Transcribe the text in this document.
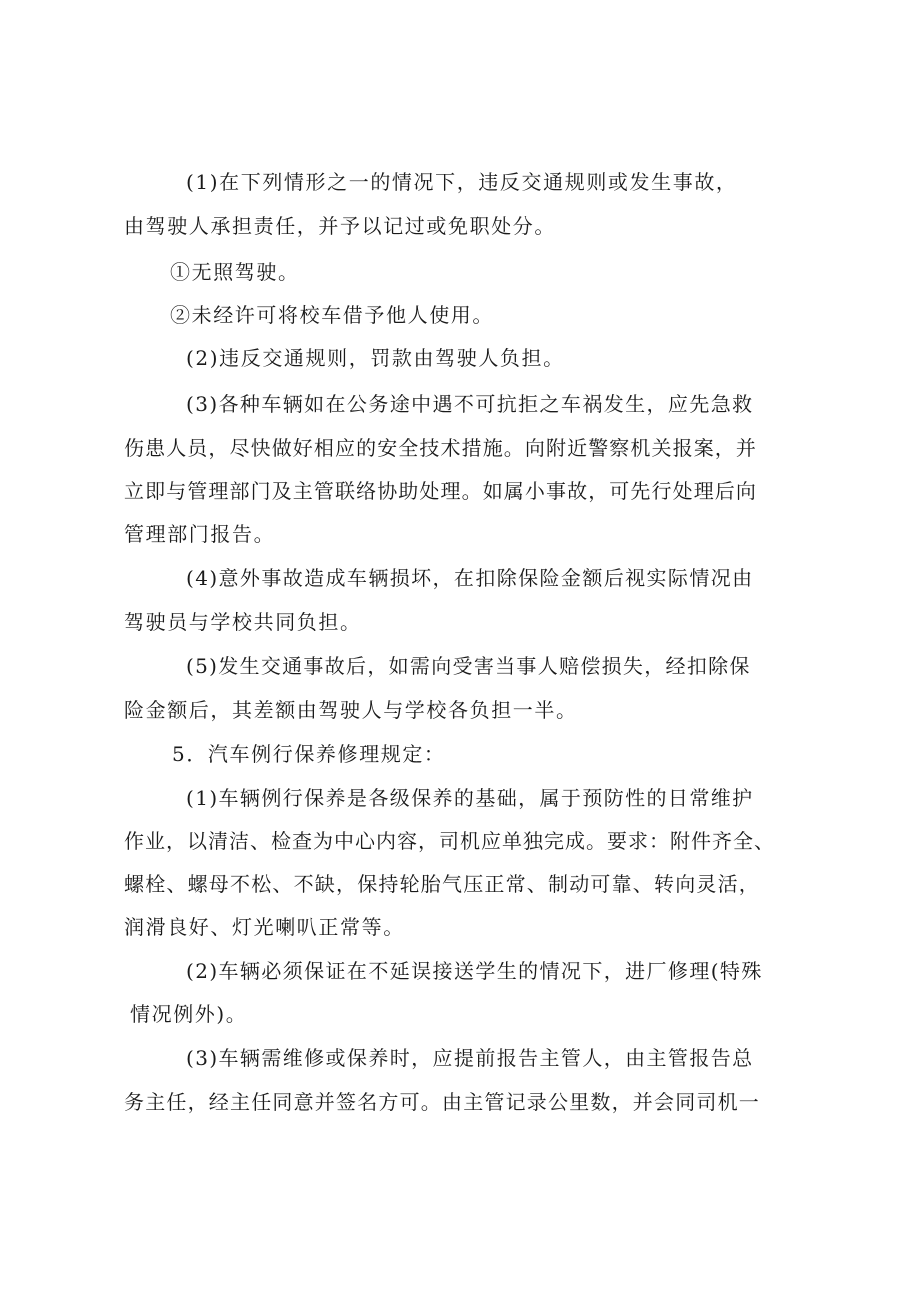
(1)在下列情形之一的情况下，违反交通规则或发生事故，
由驾驶人承担责任，并予以记过或免职处分。
①无照驾驶。
②未经许可将校车借予他人使用。
(2)违反交通规则，罚款由驾驶人负担。
(3)各种车辆如在公务途中遇不可抗拒之车祸发生，应先急救
伤患人员，尽快做好相应的安全技术措施。向附近警察机关报案，并
立即与管理部门及主管联络协助处理。如属小事故，可先行处理后向
管理部门报告。
(4)意外事故造成车辆损坏，在扣除保险金额后视实际情况由
驾驶员与学校共同负担。
(5)发生交通事故后，如需向受害当事人赔偿损失，经扣除保
险金额后，其差额由驾驶人与学校各负担一半。
5．汽车例行保养修理规定：
(1)车辆例行保养是各级保养的基础，属于预防性的日常维护
作业，以清洁、检查为中心内容，司机应单独完成。要求：附件齐全、
螺栓、螺母不松、不缺，保持轮胎气压正常、制动可靠、转向灵活，
润滑良好、灯光喇叭正常等。
(2)车辆必须保证在不延误接送学生的情况下，进厂修理(特殊
情况例外)。
(3)车辆需维修或保养时，应提前报告主管人，由主管报告总
务主任，经主任同意并签名方可。由主管记录公里数，并会同司机一
